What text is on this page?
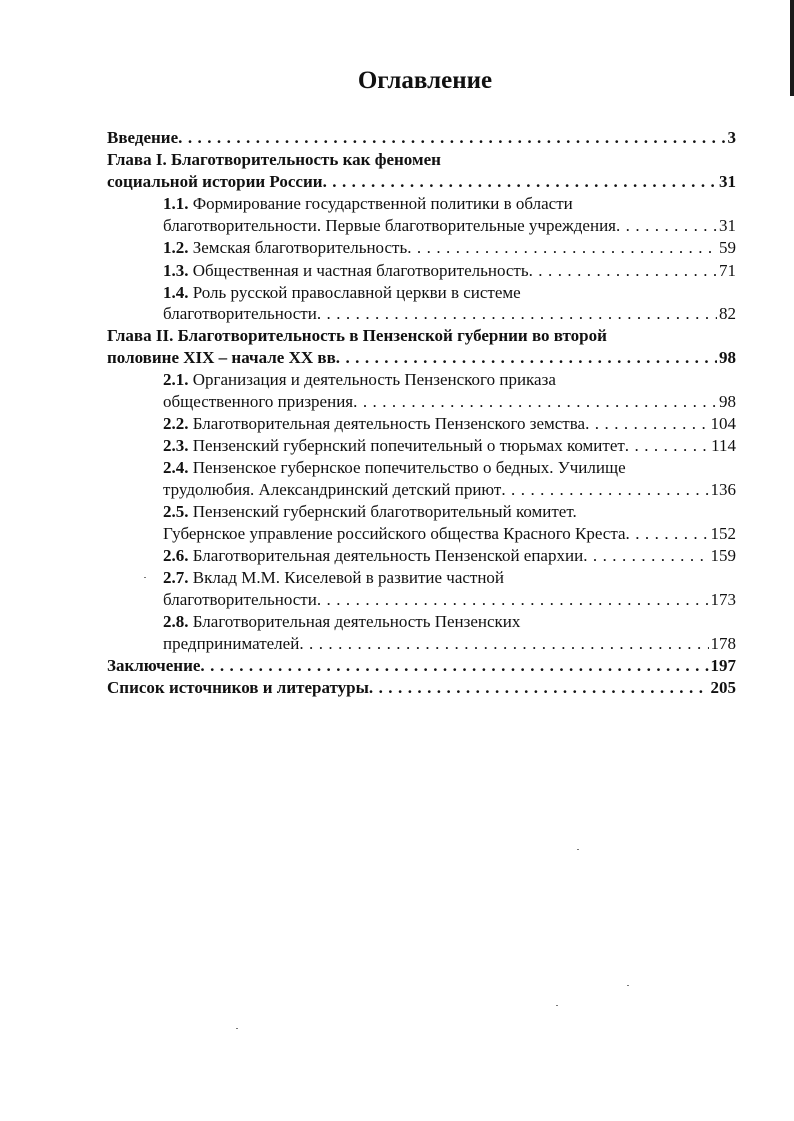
Оглавление
Введение . . .	3
Глава I. Благотворительность как феномен
социальной истории России . . .	31
1.1.
Формирование государственной политики в области
благотворительности. Первые благотворительные учреждения . . .	31
1.2.
Земская благотворительность . . .	59
1.3.
Общественная и частная благотворительность . . .	71
1.4.
Роль русской православной церкви в системе
благотворительности . . .	82
Глава II. Благотворительность в Пензенской губернии во второй
половине XIX – начале XX вв . . .	98
2.1.
Организация и деятельность Пензенского приказа
общественного призрения . . .	98
2.2.
Благотворительная деятельность Пензенского земства . . .	104
2.3.
Пензенский губернский попечительный о тюрьмах комитет . . .	114
2.4.
Пензенское губернское попечительство о бедных. Училище
трудолюбия. Александринский детский приют . . .	136
2.5.
Пензенский губернский благотворительный комитет.
Губернское управление российского общества Красного Креста . . .	152
2.6.
Благотворительная деятельность Пензенской епархии . . .	159
2.7.
Вклад М.М. Киселевой в развитие частной
благотворительности . . .	173
2.8.
Благотворительная деятельность Пензенских
предпринимателей . . .	178
Заключение . . .	197
Список источников и литературы . . .	205
